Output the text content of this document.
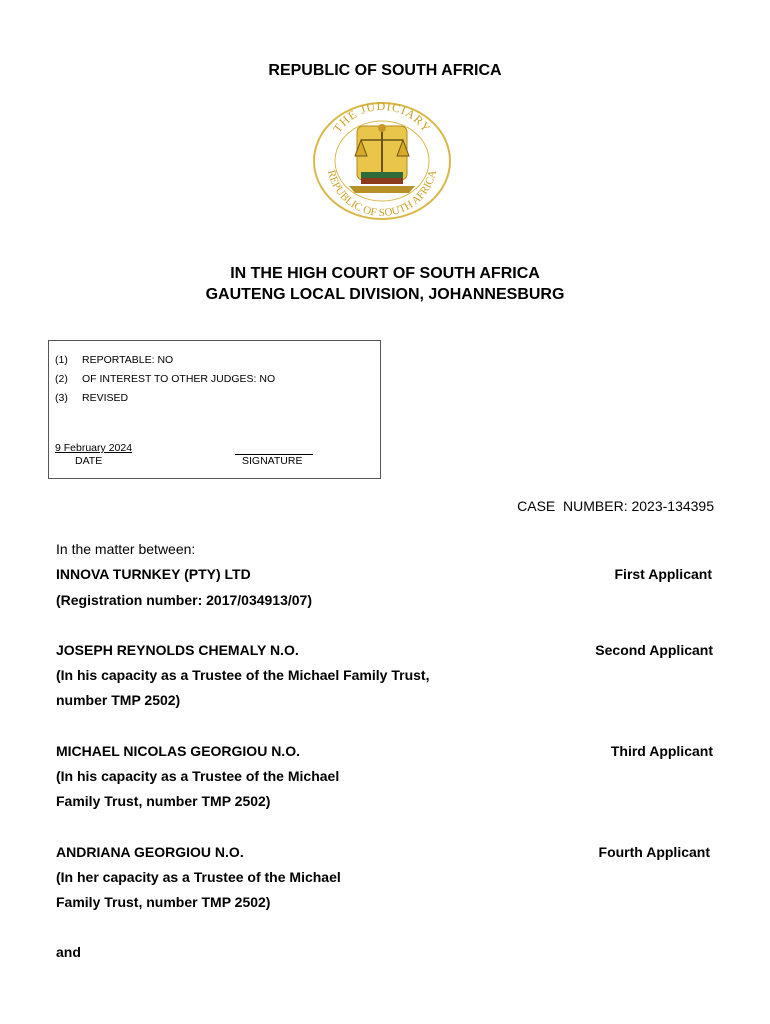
REPUBLIC OF SOUTH AFRICA
THE JUDICIARY
REPUBLIC OF SOUTH AFRICA
IN THE HIGH COURT OF SOUTH AFRICA
GAUTENG LOCAL DIVISION, JOHANNESBURG
(1) REPORTABLE: NO
(2) OF INTEREST TO OTHER JUDGES: NO
(3) REVISED
9 February 2024
DATE	SIGNATURE
CASE  NUMBER: 2023-134395
In the matter between:
INNOVA TURNKEY (PTY) LTD	First Applicant
(Registration number: 2017/034913/07)
JOSEPH REYNOLDS CHEMALY N.O.	Second Applicant
(In his capacity as a Trustee of the Michael Family Trust,
number TMP 2502)
MICHAEL NICOLAS GEORGIOU N.O.	Third Applicant
(In his capacity as a Trustee of the Michael
Family Trust, number TMP 2502)
ANDRIANA GEORGIOU N.O.	Fourth Applicant
(In her capacity as a Trustee of the Michael
Family Trust, number TMP 2502)
and
